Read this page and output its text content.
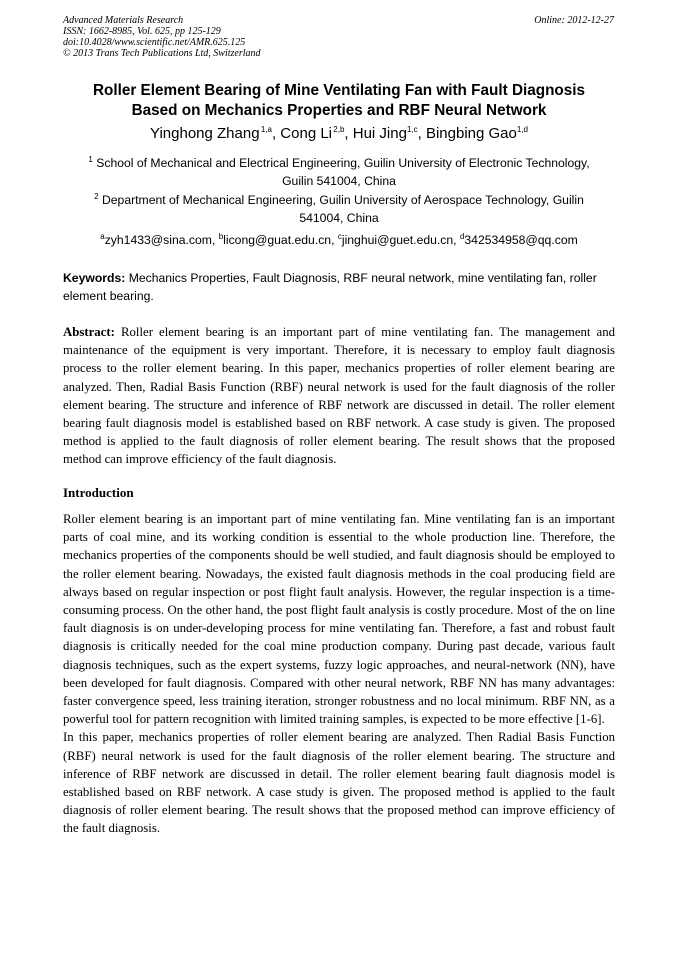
Advanced Materials Research
ISSN: 1662-8985, Vol. 625, pp 125-129
doi:10.4028/www.scientific.net/AMR.625.125
© 2013 Trans Tech Publications Ltd, Switzerland
Online: 2012-12-27
Roller Element Bearing of Mine Ventilating Fan with Fault Diagnosis
Based on Mechanics Properties and RBF Neural Network
Yinghong Zhang $^{1,a}$, Cong Li $^{2,b}$, Hui Jing$^{1,c}$, Bingbing Gao$^{1,d}$
$^1$ School of Mechanical and Electrical Engineering, Guilin University of Electronic Technology,
Guilin 541004, China
$^2$ Department of Mechanical Engineering, Guilin University of Aerospace Technology, Guilin
541004, China
$^a$zyh1433@sina.com, $^b$licong@guat.edu.cn, $^c$jinghui@guet.edu.cn, $^d$342534958@qq.com
Keywords: Mechanics Properties, Fault Diagnosis, RBF neural network, mine ventilating fan, roller element bearing.

Abstract: Roller element bearing is an important part of mine ventilating fan. The management and maintenance of the equipment is very important. Therefore, it is necessary to employ fault diagnosis process to the roller element bearing. In this paper, mechanics properties of roller element bearing are analyzed. Then, Radial Basis Function (RBF) neural network is used for the fault diagnosis of the roller element bearing. The structure and inference of RBF network are discussed in detail. The roller element bearing fault diagnosis model is established based on RBF network. A case study is given. The proposed method is applied to the fault diagnosis of roller element bearing. The result shows that the proposed method can improve efficiency of the fault diagnosis.

Introduction

Roller element bearing is an important part of mine ventilating fan. Mine ventilating fan is an important parts of coal mine, and its working condition is essential to the whole production line. Therefore, the mechanics properties of the components should be well studied, and fault diagnosis should be employed to the roller element bearing. Nowadays, the existed fault diagnosis methods in the coal producing field are always based on regular inspection or post flight fault analysis. However, the regular inspection is a time- consuming process. On the other hand, the post flight fault analysis is costly procedure. Most of the on line fault diagnosis is on under-developing process for mine ventilating fan. Therefore, a fast and robust fault diagnosis is critically needed for the coal mine production company. During past decade, various fault diagnosis techniques, such as the expert systems, fuzzy logic approaches, and neural-network (NN), have been developed for fault diagnosis. Compared with other neural network, RBF NN has many advantages: faster convergence speed, less training iteration, stronger robustness and no local minimum. RBF NN, as a powerful tool for pattern recognition with limited training samples, is expected to be more effective [1-6].

In this paper, mechanics properties of roller element bearing are analyzed. Then Radial Basis Function (RBF) neural network is used for the fault diagnosis of the roller element bearing. The structure and inference of RBF network are discussed in detail. The roller element bearing fault diagnosis model is established based on RBF network. A case study is given. The proposed method is applied to the fault diagnosis of roller element bearing. The result shows that the proposed method can improve efficiency of the fault diagnosis.
